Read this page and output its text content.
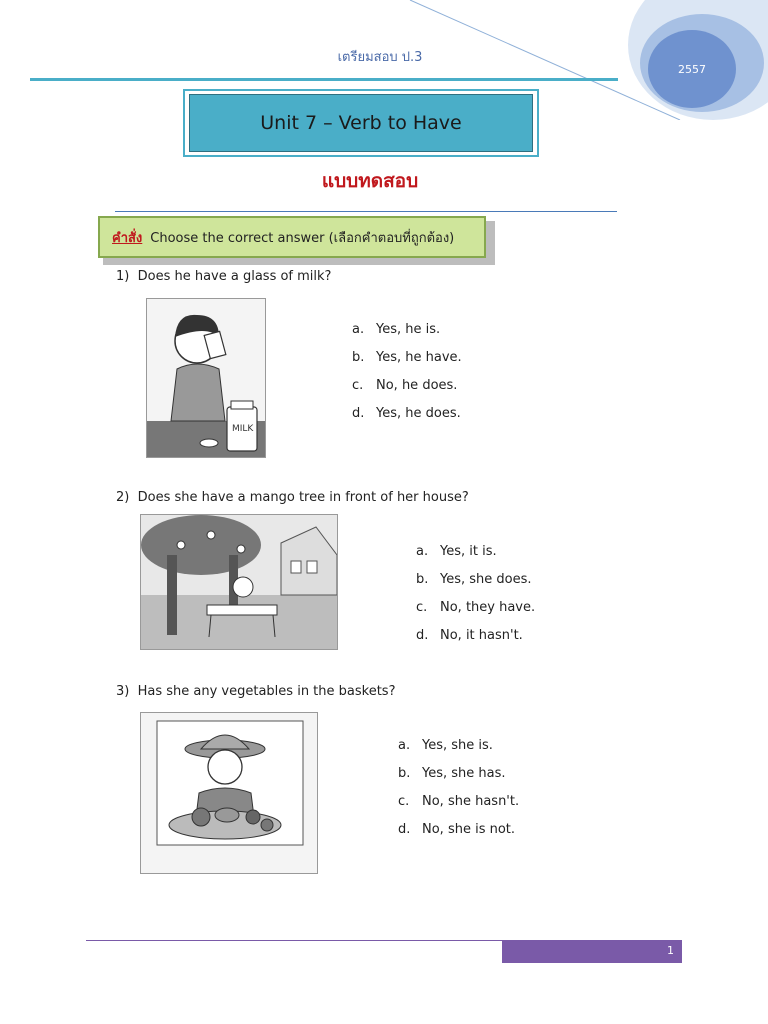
2557
เตรียมสอบ ป.3
Unit 7 – Verb to Have
แบบทดสอบ
คำสั่ง Choose the correct answer (เลือกคำตอบที่ถูกต้อง)
1) Does he have a glass of milk?
MILK
a. Yes, he is.
b. Yes, he have.
c. No, he does.
d. Yes, he does.
2) Does she have a mango tree in front of her house?
a. Yes, it is.
b. Yes, she does.
c. No, they have.
d. No, it hasn't.
3) Has she any vegetables in the baskets?
a. Yes, she is.
b. Yes, she has.
c. No, she hasn't.
d. No, she is not.
1
